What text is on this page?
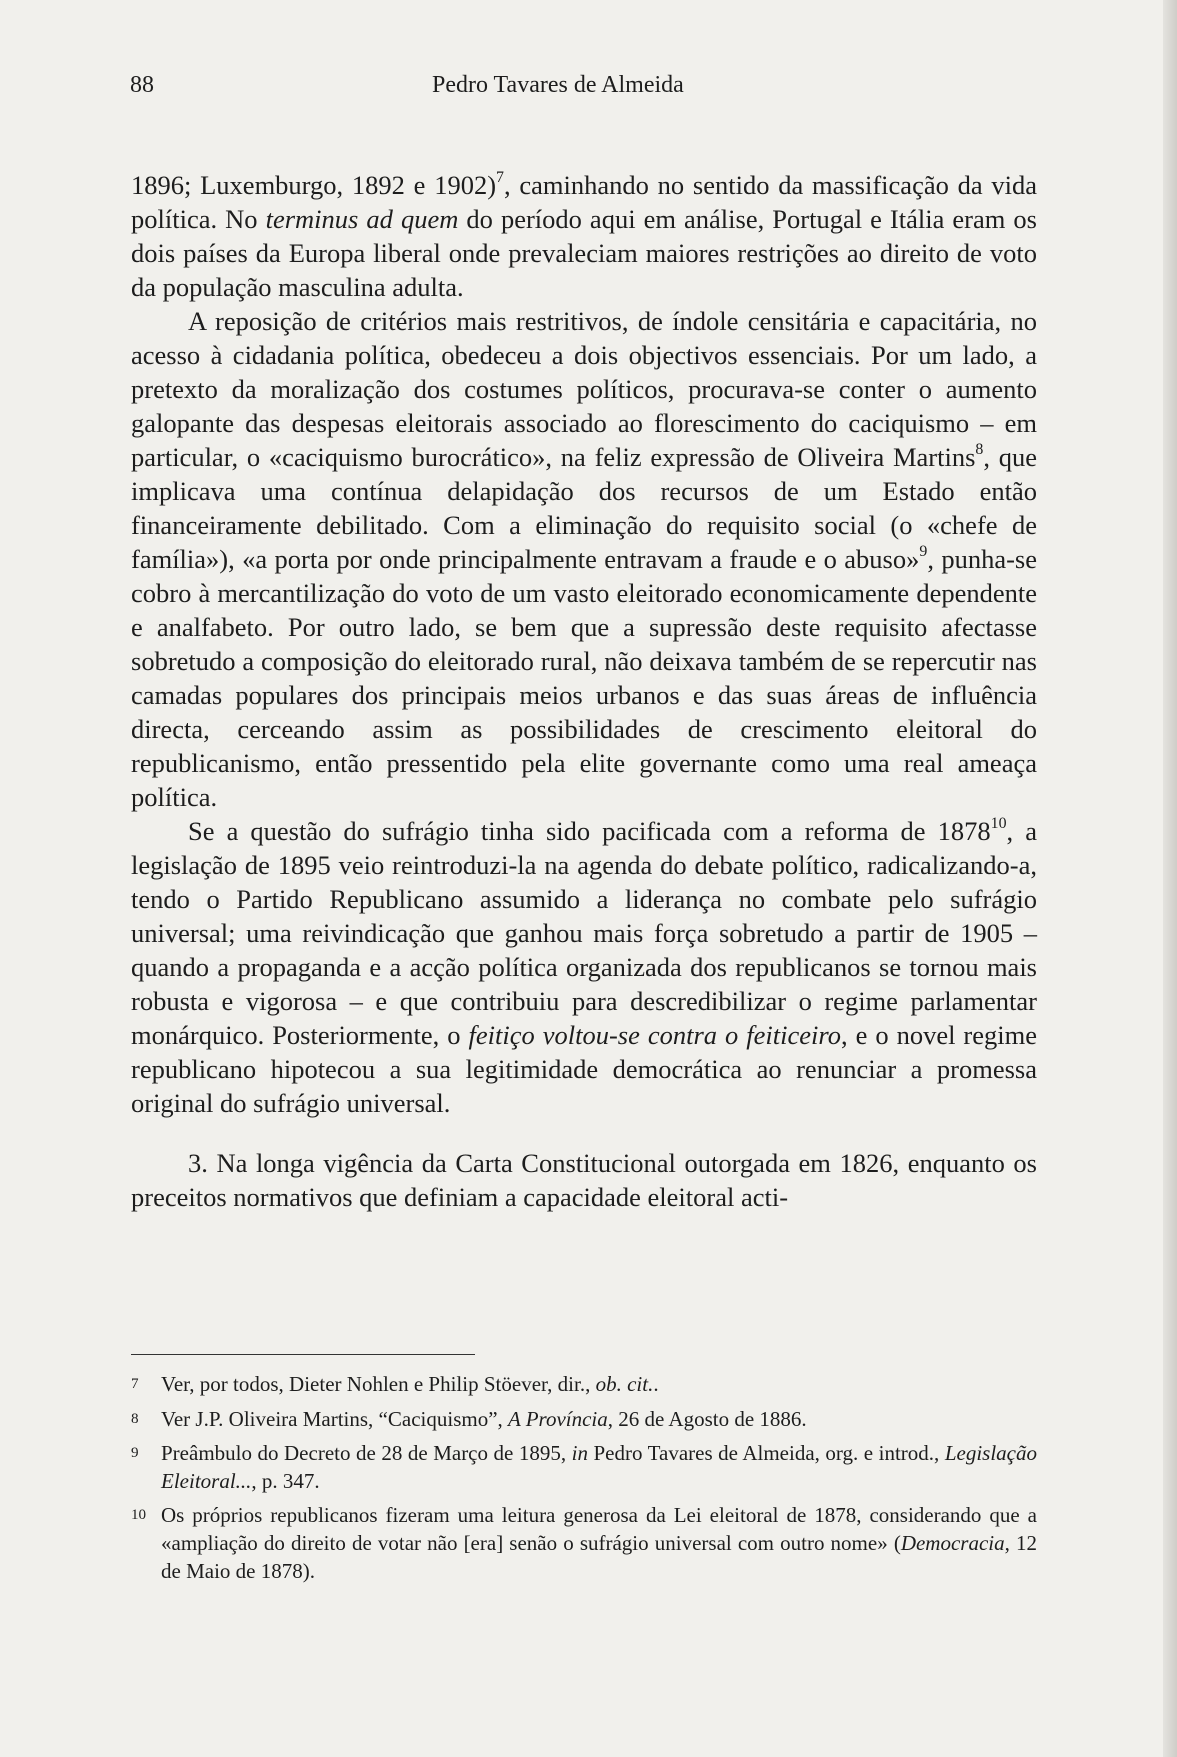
88	Pedro Tavares de Almeida

1896; Luxemburgo, 1892 e 1902)$^7$, caminhando no sentido da massificação da vida política. No terminus ad quem do período aqui em análise, Portugal e Itália eram os dois países da Europa liberal onde prevaleciam maiores restrições ao direito de voto da população masculina adulta.

A reposição de critérios mais restritivos, de índole censitária e capacitária, no acesso à cidadania política, obedeceu a dois objectivos essenciais. Por um lado, a pretexto da moralização dos costumes políticos, procurava-se conter o aumento galopante das despesas eleitorais associado ao florescimento do caciquismo – em particular, o «caciquismo burocrático», na feliz expressão de Oliveira Martins$^8$, que implicava uma contínua delapidação dos recursos de um Estado então financeiramente debilitado. Com a eliminação do requisito social (o «chefe de família»), «a porta por onde principalmente entravam a fraude e o abuso»$^9$, punha-se cobro à mercantilização do voto de um vasto eleitorado economicamente dependente e analfabeto. Por outro lado, se bem que a supressão deste requisito afectasse sobretudo a composição do eleitorado rural, não deixava também de se repercutir nas camadas populares dos principais meios urbanos e das suas áreas de influência directa, cerceando assim as possibilidades de crescimento eleitoral do republicanismo, então pressentido pela elite governante como uma real ameaça política.

Se a questão do sufrágio tinha sido pacificada com a reforma de 1878$^{10}$, a legislação de 1895 veio reintroduzi-la na agenda do debate político, radicalizando-a, tendo o Partido Republicano assumido a liderança no combate pelo sufrágio universal; uma reivindicação que ganhou mais força sobretudo a partir de 1905 – quando a propaganda e a acção política organizada dos republicanos se tornou mais robusta e vigorosa – e que contribuiu para descredibilizar o regime parlamentar monárquico. Posteriormente, o feitiço voltou-se contra o feiticeiro, e o novel regime republicano hipotecou a sua legitimidade democrática ao renunciar a promessa original do sufrágio universal.

3. Na longa vigência da Carta Constitucional outorgada em 1826, enquanto os preceitos normativos que definiam a capacidade eleitoral acti-

7	Ver, por todos, Dieter Nohlen e Philip Stöever, dir., ob. cit..
8	Ver J.P. Oliveira Martins, “Caciquismo”, A Província, 26 de Agosto de 1886.
9	Preâmbulo do Decreto de 28 de Março de 1895, in Pedro Tavares de Almeida, org. e introd., Legislação Eleitoral..., p. 347.
10 Os próprios republicanos fizeram uma leitura generosa da Lei eleitoral de 1878, considerando que a «ampliação do direito de votar não [era] senão o sufrágio universal com outro nome» (Democracia, 12 de Maio de 1878).
